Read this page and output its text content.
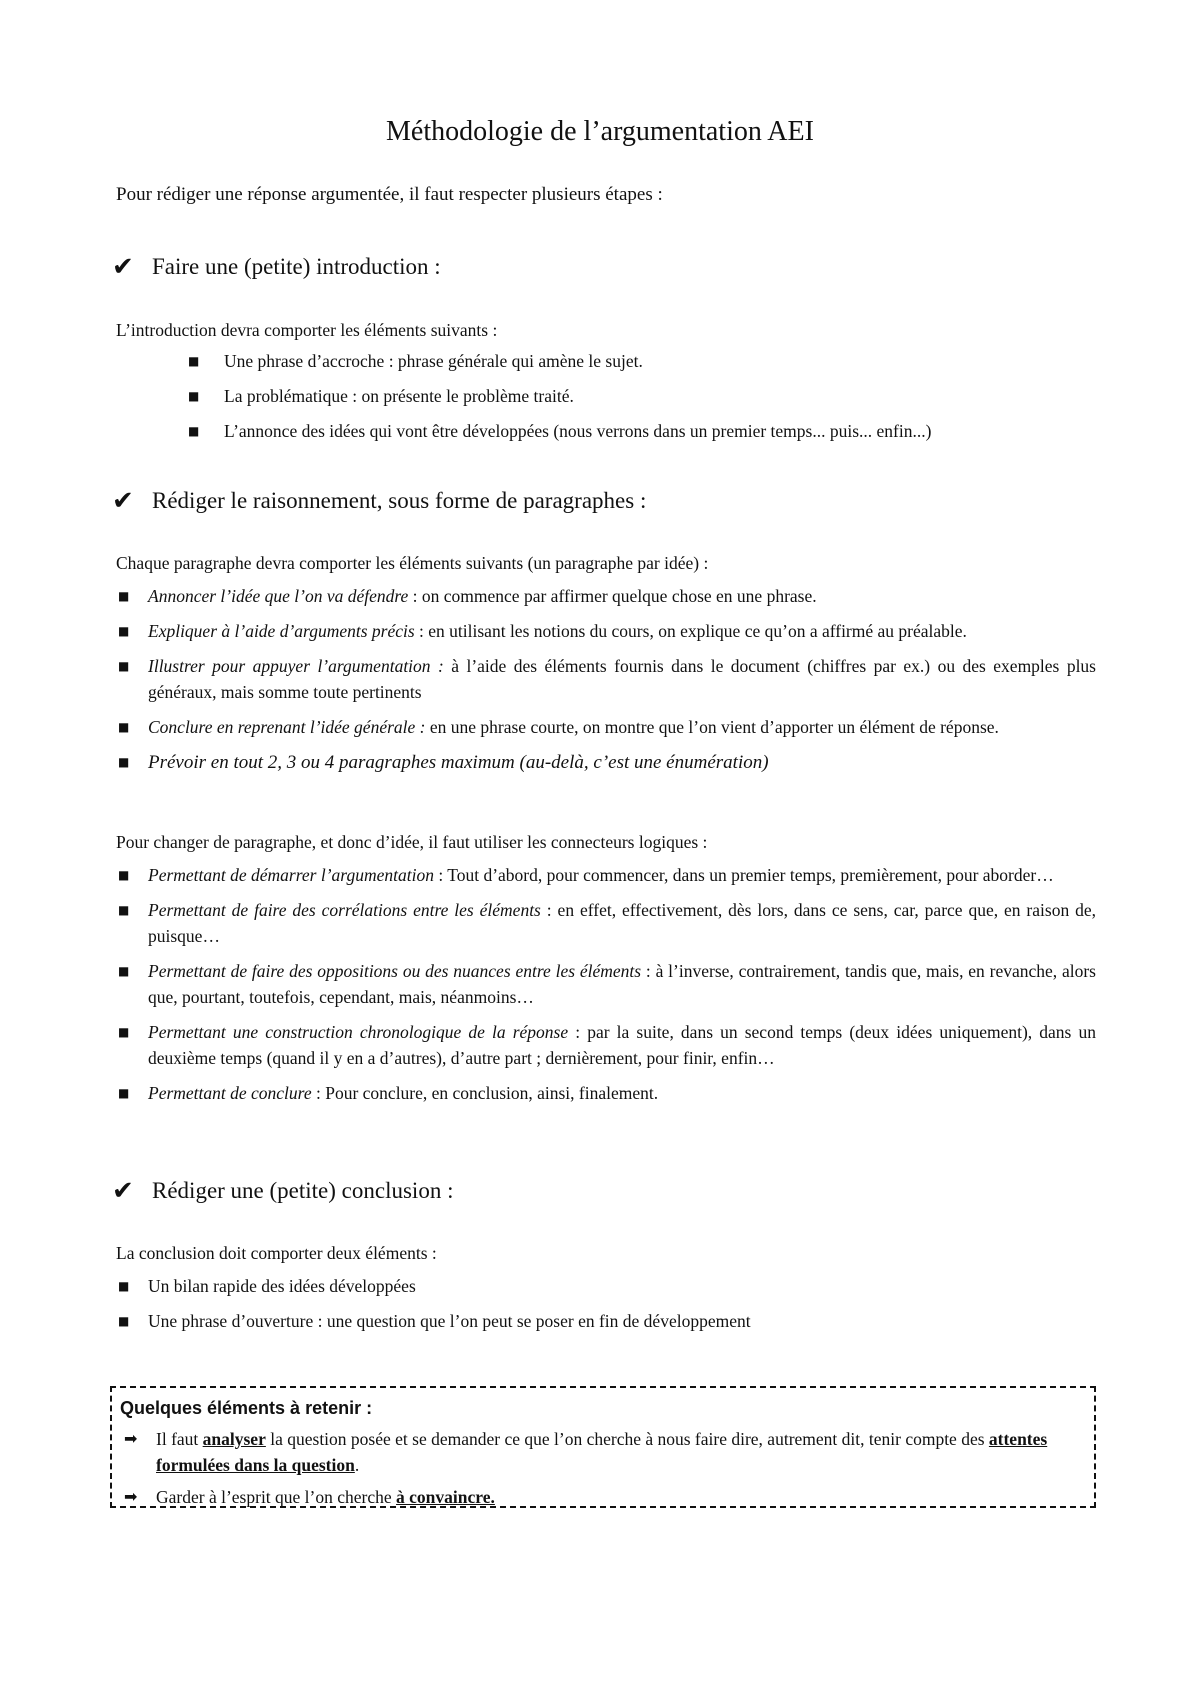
Méthodologie de l’argumentation AEI
Pour rédiger une réponse argumentée, il faut respecter plusieurs étapes :
✔ Faire une (petite) introduction :
L’introduction devra comporter les éléments suivants :
■ Une phrase d’accroche : phrase générale qui amène le sujet.
■ La problématique : on présente le problème traité.
■ L’annonce des idées qui vont être développées (nous verrons dans un premier temps... puis... enfin...)
✔ Rédiger le raisonnement, sous forme de paragraphes :
Chaque paragraphe devra comporter les éléments suivants (un paragraphe par idée) :
■ Annoncer l’idée que l’on va défendre : on commence par affirmer quelque chose en une phrase.
■ Expliquer à l’aide d’arguments précis : en utilisant les notions du cours, on explique ce qu’on a affirmé au préalable.
■ Illustrer pour appuyer l’argumentation : à l’aide des éléments fournis dans le document (chiffres par ex.) ou des exemples plus généraux, mais somme toute pertinents
■ Conclure en reprenant l’idée générale : en une phrase courte, on montre que l’on vient d’apporter un élément de réponse.
■ Prévoir en tout 2, 3 ou 4 paragraphes maximum (au-delà, c’est une énumération)
Pour changer de paragraphe, et donc d’idée, il faut utiliser les connecteurs logiques :
■ Permettant de démarrer l’argumentation : Tout d’abord, pour commencer, dans un premier temps, premièrement, pour aborder…
■ Permettant de faire des corrélations entre les éléments : en effet, effectivement, dès lors, dans ce sens, car, parce que, en raison de, puisque…
■ Permettant de faire des oppositions ou des nuances entre les éléments : à l’inverse, contrairement, tandis que, mais, en revanche, alors que, pourtant, toutefois, cependant, mais, néanmoins…
■ Permettant une construction chronologique de la réponse : par la suite, dans un second temps (deux idées uniquement), dans un deuxième temps (quand il y en a d’autres), d’autre part ; dernièrement, pour finir, enfin…
■ Permettant de conclure : Pour conclure, en conclusion, ainsi, finalement.
✔ Rédiger une (petite) conclusion :
La conclusion doit comporter deux éléments :
■ Un bilan rapide des idées développées
■ Une phrase d’ouverture : une question que l’on peut se poser en fin de développement
Quelques éléments à retenir :
➡ Il faut analyser la question posée et se demander ce que l’on cherche à nous faire dire, autrement dit, tenir compte des attentes formulées dans la question.
➡ Garder à l’esprit que l’on cherche à convaincre.
